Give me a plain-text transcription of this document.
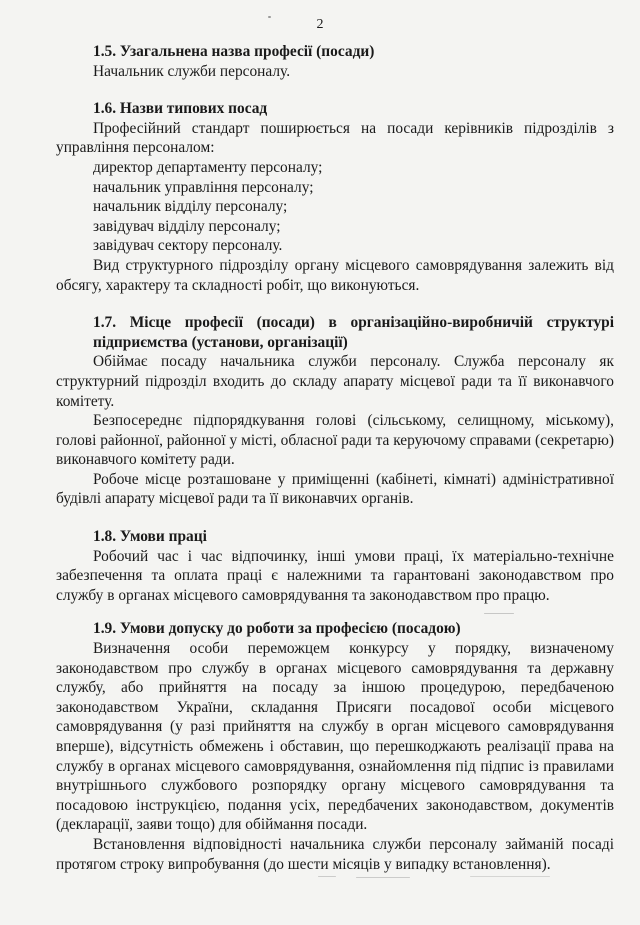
2
1.5. Узагальнена назва професії (посади)
Начальник служби персоналу.
1.6. Назви типових посад
Професійний стандарт поширюється на посади керівників підрозділів з управління персоналом:
директор департаменту персоналу;
начальник управління персоналу;
начальник відділу персоналу;
завідувач відділу персоналу;
завідувач сектору персоналу.
Вид структурного підрозділу органу місцевого самоврядування залежить від обсягу, характеру та складності робіт, що виконуються.
1.7. Місце професії (посади) в організаційно-виробничій структурі підприємства (установи, організації)
Обіймає посаду начальника служби персоналу. Служба персоналу як структурний підрозділ входить до складу апарату місцевої ради та її виконавчого комітету.
Безпосереднє підпорядкування голові (сільському, селищному, міському), голові районної, районної у місті, обласної ради та керуючому справами (секретарю) виконавчого комітету ради.
Робоче місце розташоване у приміщенні (кабінеті, кімнаті) адміністративної будівлі апарату місцевої ради та її виконавчих органів.
1.8. Умови праці
Робочий час і час відпочинку, інші умови праці, їх матеріально-технічне забезпечення та оплата праці є належними та гарантовані законодавством про службу в органах місцевого самоврядування та законодавством про працю.
1.9. Умови допуску до роботи за професією (посадою)
Визначення особи переможцем конкурсу у порядку, визначеному законодавством про службу в органах місцевого самоврядування та державну службу, або прийняття на посаду за іншою процедурою, передбаченою законодавством України, складання Присяги посадової особи місцевого самоврядування (у разі прийняття на службу в орган місцевого самоврядування вперше), відсутність обмежень і обставин, що перешкоджають реалізації права на службу в органах місцевого самоврядування, ознайомлення під підпис із правилами внутрішнього службового розпорядку органу місцевого самоврядування та посадовою інструкцією, подання усіх, передбачених законодавством, документів (декларації, заяви тощо) для обіймання посади.
Встановлення відповідності начальника служби персоналу займаній посаді протягом строку випробування (до шести місяців у випадку встановлення).
